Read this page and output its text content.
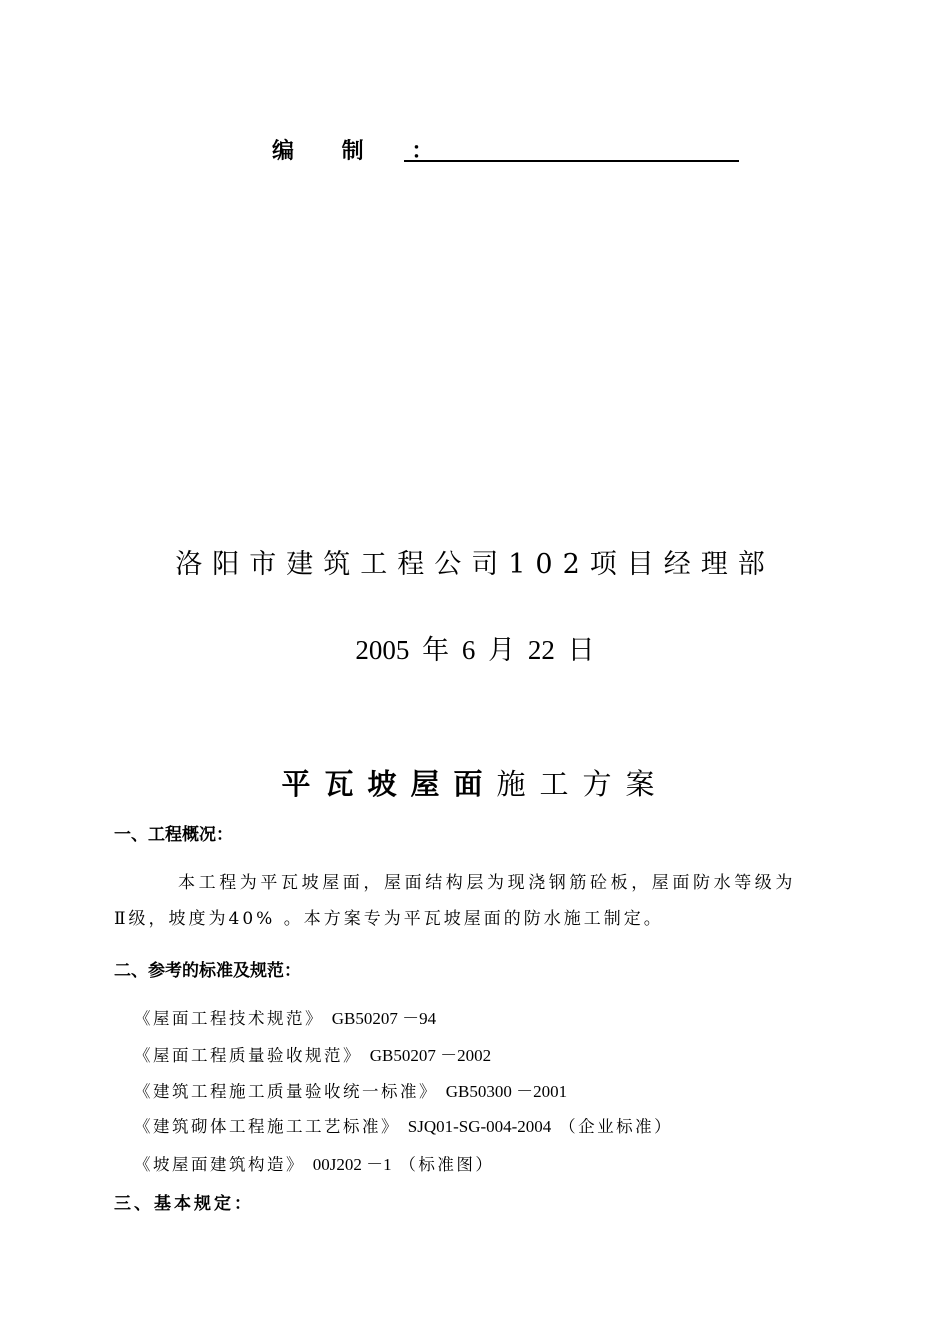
编 制 ：
洛阳市建筑工程公司102项目经理部
2005 年 6 月 22 日
平瓦坡屋面施工方案
一、工程概况：
本工程为平瓦坡屋面，屋面结构层为现浇钢筋砼板，屋面防水等级为
Ⅱ级，坡度为40% 。本方案专为平瓦坡屋面的防水施工制定。
二、参考的标准及规范：
《屋面工程技术规范》 GB50207 －94
《屋面工程质量验收规范》 GB50207 －2002
《建筑工程施工质量验收统一标准》 GB50300 －2001
《建筑砌体工程施工工艺标准》 SJQ01-SG-004-2004 （企业标准）
《坡屋面建筑构造》 00J202 －1 （标准图）
三、基本规定：
